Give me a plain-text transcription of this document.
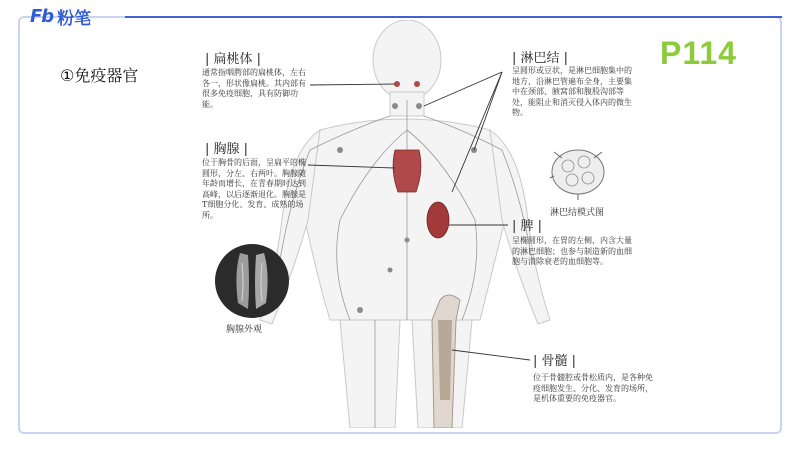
Fb 粉笔
①免疫器官
P114
| 扁桃体 |
通常指咽腭部的扁桃体，左右各一，形状像扁桃。其内部有很多免疫细胞，具有防御功能。
| 胸腺 |
位于胸骨的后面，呈扁平的椭圆形，分左、右两叶。胸腺随年龄而增长，在青春期时达到高峰，以后逐渐退化。胸腺是T细胞分化、发育、成熟的场所。
胸腺外观
| 淋巴结 |
呈圆形或豆状，是淋巴细胞集中的地方，沿淋巴管遍布全身，主要集中在颈部、腋窝部和腹股沟部等处，能阻止和消灭侵入体内的微生物。
淋巴结模式图
| 脾 |
呈椭圆形，在胃的左侧，内含大量的淋巴细胞；也参与制造新的血细胞与清除衰老的血细胞等。
| 骨髓 |
位于骨髓腔或骨松质内，是各种免疫细胞发生、分化、发育的场所，是机体重要的免疫器官。
